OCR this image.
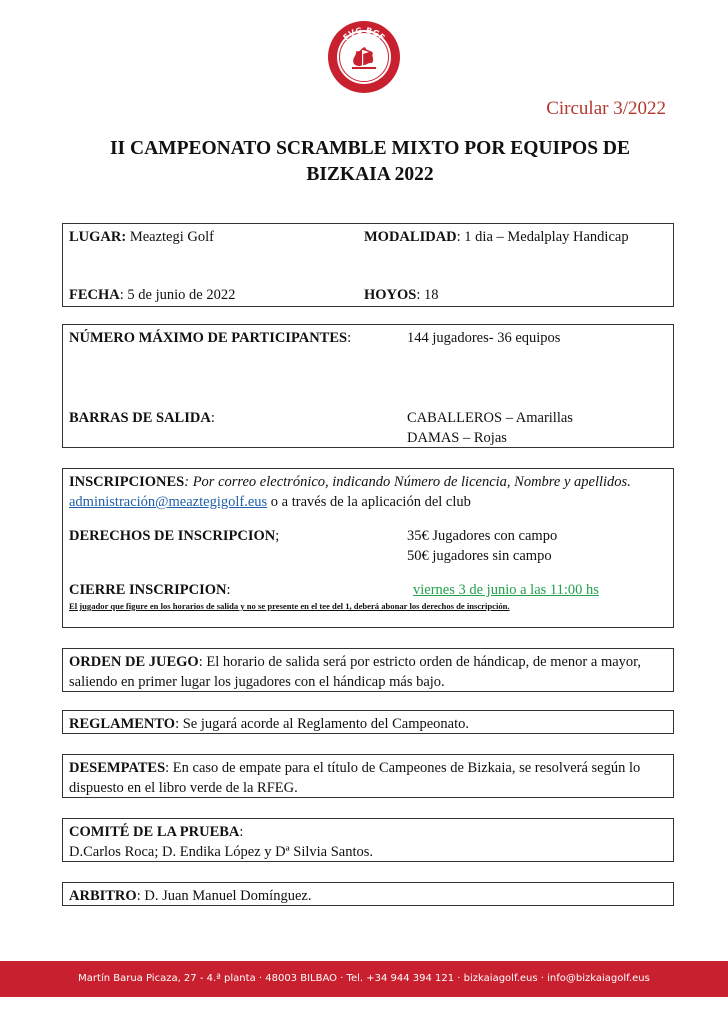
FVG-BGF
1986
Circular 3/2022
II CAMPEONATO SCRAMBLE MIXTO POR EQUIPOS DE
BIZKAIA 2022
LUGAR: Meaztegi Golf	MODALIDAD: 1 dia – Medalplay Handicap
FECHA: 5 de junio de 2022	HOYOS: 18
NÚMERO MÁXIMO DE PARTICIPANTES:	144 jugadores- 36 equipos
BARRAS DE SALIDA:	CABALLEROS – Amarillas
DAMAS – Rojas
INSCRIPCIONES: Por correo electrónico, indicando Número de licencia, Nombre y apellidos.
administración@meaztegigolf.eus o a través de la aplicación del club
DERECHOS DE INSCRIPCION;	35€ Jugadores con campo
50€ jugadores sin campo
CIERRE INSCRIPCION:	viernes 3 de junio a las 11:00 hs
El jugador que figure en los horarios de salida y no se presente en el tee del 1, deberá abonar los derechos de inscripción.
ORDEN DE JUEGO: El horario de salida será por estricto orden de hándicap, de menor a mayor, saliendo en primer lugar los jugadores con el hándicap más bajo.
REGLAMENTO: Se jugará acorde al Reglamento del Campeonato.
DESEMPATES: En caso de empate para el título de Campeones de Bizkaia, se resolverá según lo dispuesto en el libro verde de la RFEG.
COMITÉ DE LA PRUEBA:
D.Carlos Roca; D. Endika López y Dª Silvia Santos.
ARBITRO: D. Juan Manuel Domínguez.
Martín Barua Picaza, 27 - 4.ª planta · 48003 BILBAO · Tel. +34 944 394 121 · bizkaiagolf.eus · info@bizkaiagolf.eus
